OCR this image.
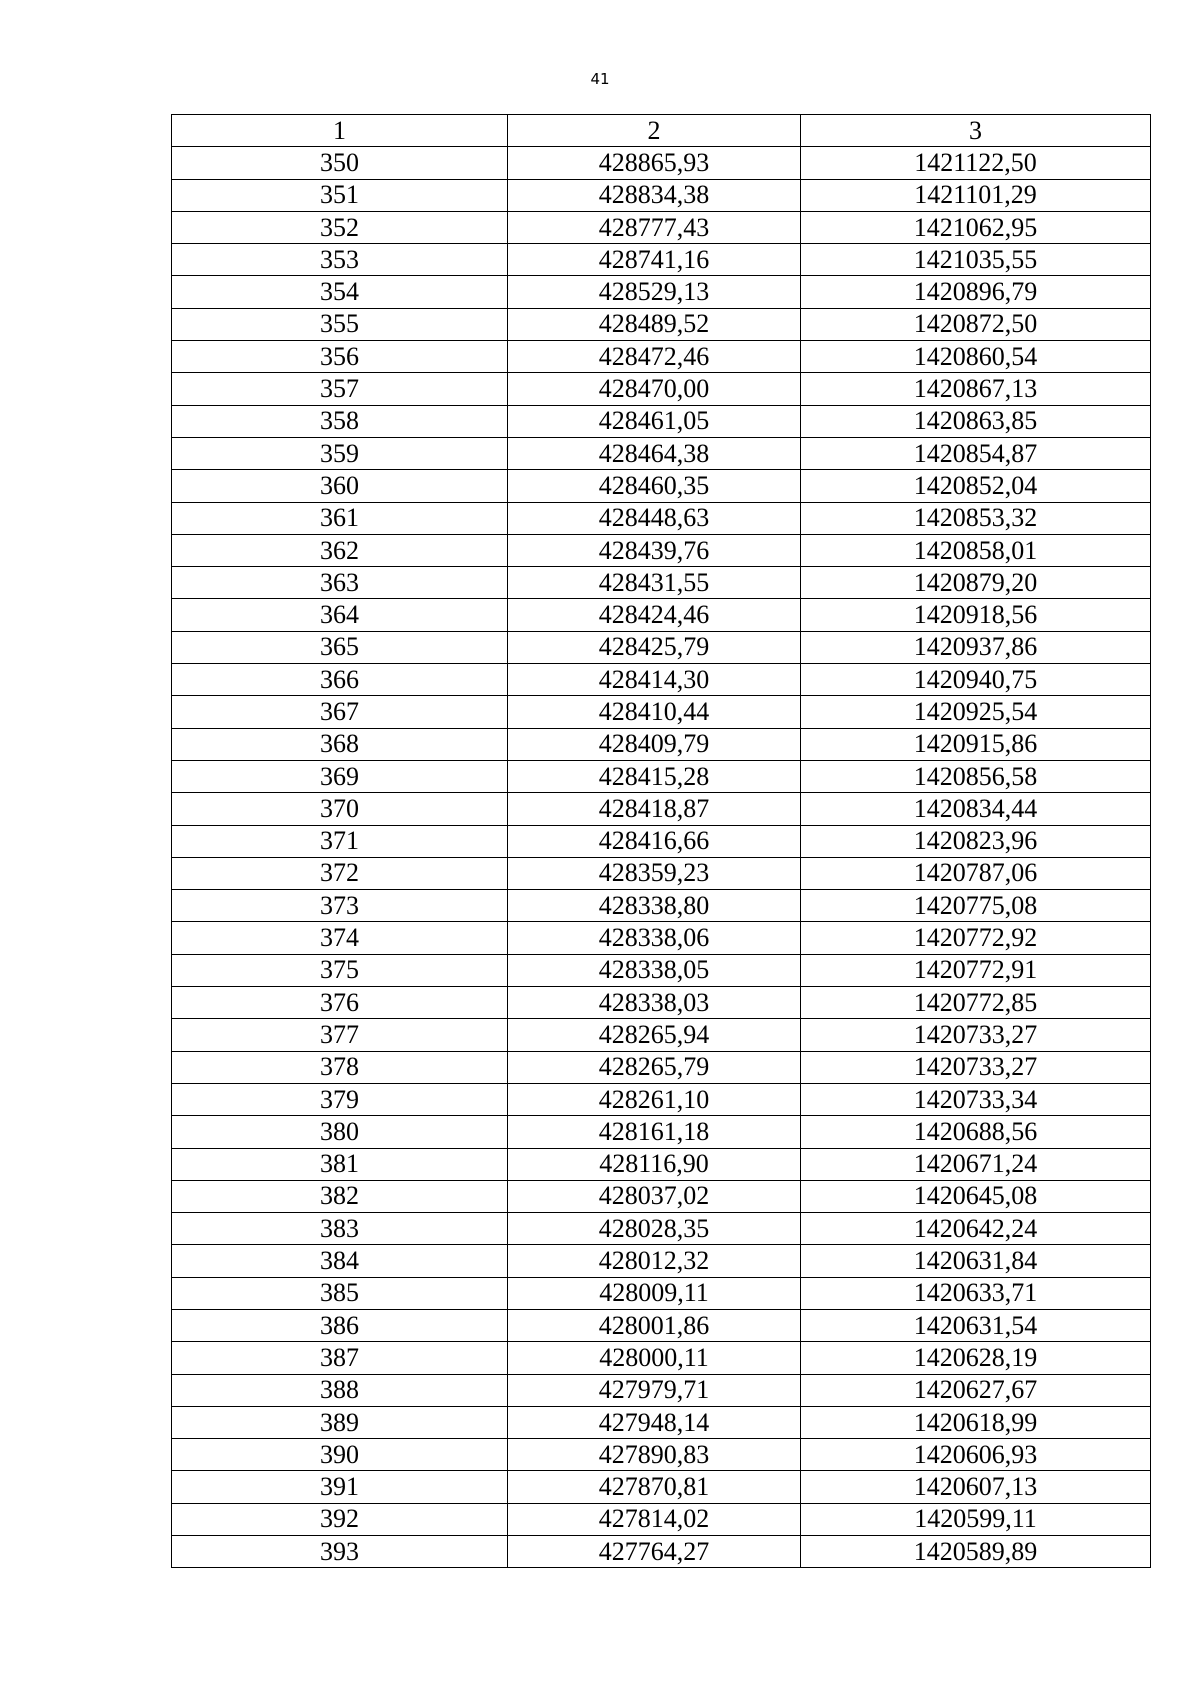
41
1	2	3
350	428865,93	1421122,50
351	428834,38	1421101,29
352	428777,43	1421062,95
353	428741,16	1421035,55
354	428529,13	1420896,79
355	428489,52	1420872,50
356	428472,46	1420860,54
357	428470,00	1420867,13
358	428461,05	1420863,85
359	428464,38	1420854,87
360	428460,35	1420852,04
361	428448,63	1420853,32
362	428439,76	1420858,01
363	428431,55	1420879,20
364	428424,46	1420918,56
365	428425,79	1420937,86
366	428414,30	1420940,75
367	428410,44	1420925,54
368	428409,79	1420915,86
369	428415,28	1420856,58
370	428418,87	1420834,44
371	428416,66	1420823,96
372	428359,23	1420787,06
373	428338,80	1420775,08
374	428338,06	1420772,92
375	428338,05	1420772,91
376	428338,03	1420772,85
377	428265,94	1420733,27
378	428265,79	1420733,27
379	428261,10	1420733,34
380	428161,18	1420688,56
381	428116,90	1420671,24
382	428037,02	1420645,08
383	428028,35	1420642,24
384	428012,32	1420631,84
385	428009,11	1420633,71
386	428001,86	1420631,54
387	428000,11	1420628,19
388	427979,71	1420627,67
389	427948,14	1420618,99
390	427890,83	1420606,93
391	427870,81	1420607,13
392	427814,02	1420599,11
393	427764,27	1420589,89
